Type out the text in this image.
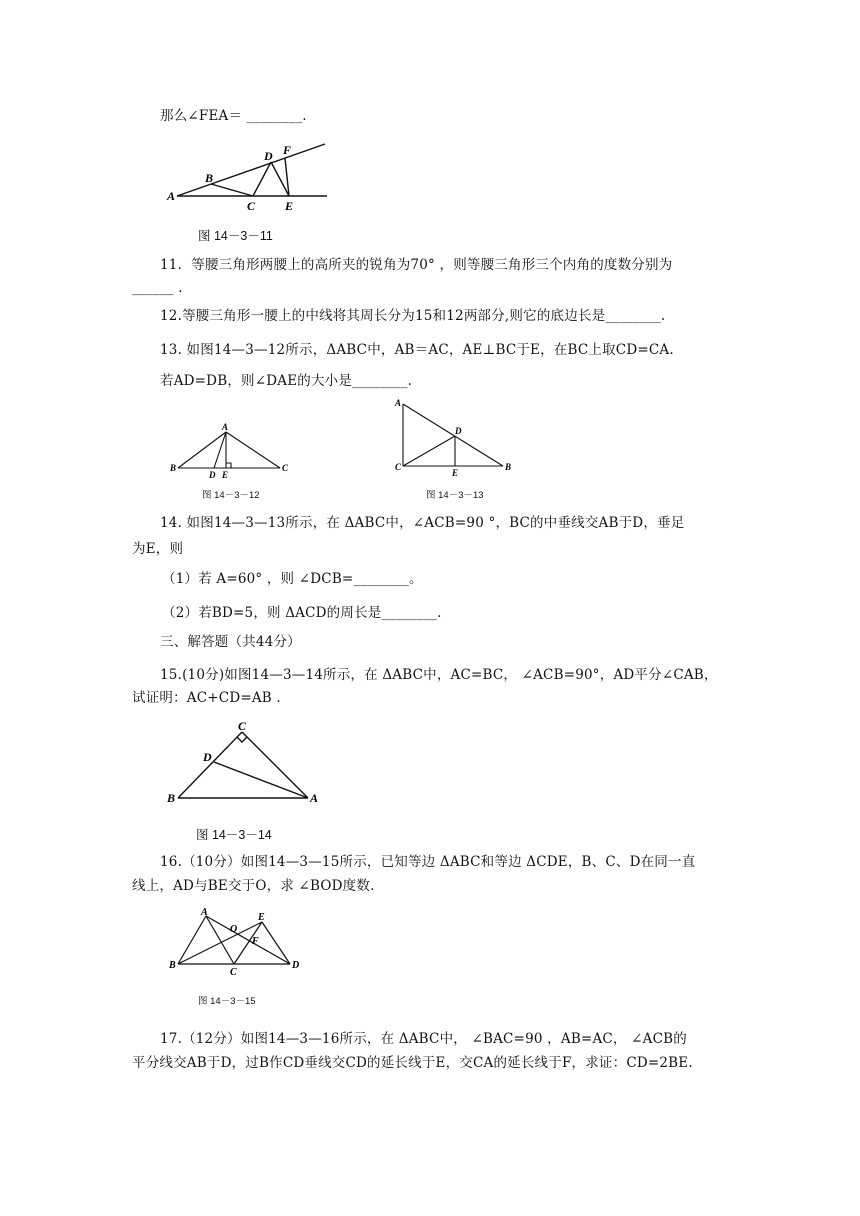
那么∠FEA＝ ________.
A
B
C
D F
E
图 14－3－11
11．等腰三角形两腰上的高所夹的锐角为70° ，则等腰三角形三个内角的度数分别为
______ .
12.等腰三角形一腰上的中线将其周长分为15和12两部分,则它的底边长是________.
13. 如图14—3—12所示，ΔABC中，AB＝AC，AE⊥BC于E，在BC上取CD=CA.
若AD=DB，则∠DAE的大小是________.
A
B
D E
C
图 14－3－12
A
D
C
E
B
图 14－3－13
14. 如图14—3—13所示，在 ΔABC中，∠ACB=90 °，BC的中垂线交AB于D，垂足
为E，则
（1）若 A=60° ，则 ∠DCB=________。
（2）若BD=5，则 ΔACD的周长是________.
三、解答题（共44分）
15.(10分)如图14—3—14所示，在 ΔABC中，AC=BC， ∠ACB=90°，AD平分∠CAB，
试证明：AC+CD=AB .
C
D
B	A
图 14－3－14
16.（10分）如图14—3—15所示，已知等边 ΔABC和等边 ΔCDE，B、C、D在同一直
线上，AD与BE交于O，求 ∠BOD度数.
A
O
E
F
B
C
D
图 14－3－15
17.（12分）如图14—3—16所示，在 ΔABC中， ∠BAC=90 ，AB=AC， ∠ACB的
平分线交AB于D，过B作CD垂线交CD的延长线于E，交CA的延长线于F，求证：CD=2BE.
